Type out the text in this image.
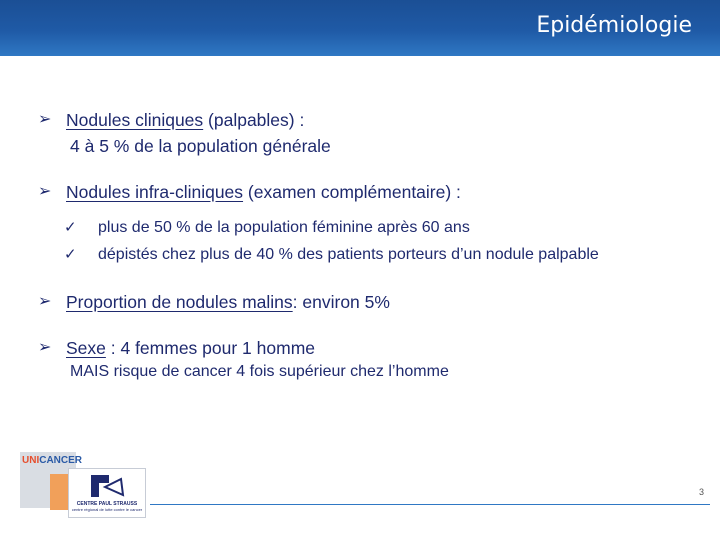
Epidémiologie
➢ Nodules cliniques (palpables) :
4 à 5 % de la population générale
➢ Nodules infra-cliniques (examen complémentaire) :
✓ plus de 50 % de la population féminine après 60 ans
✓ dépistés chez plus de 40 % des patients porteurs d’un nodule palpable
➢ Proportion de nodules malins: environ 5%
➢ Sexe : 4 femmes pour 1 homme
MAIS risque de cancer 4 fois supérieur chez l’homme
UNICANCER
CENTRE PAUL STRAUSS
centre régional de lutte contre le cancer
3
